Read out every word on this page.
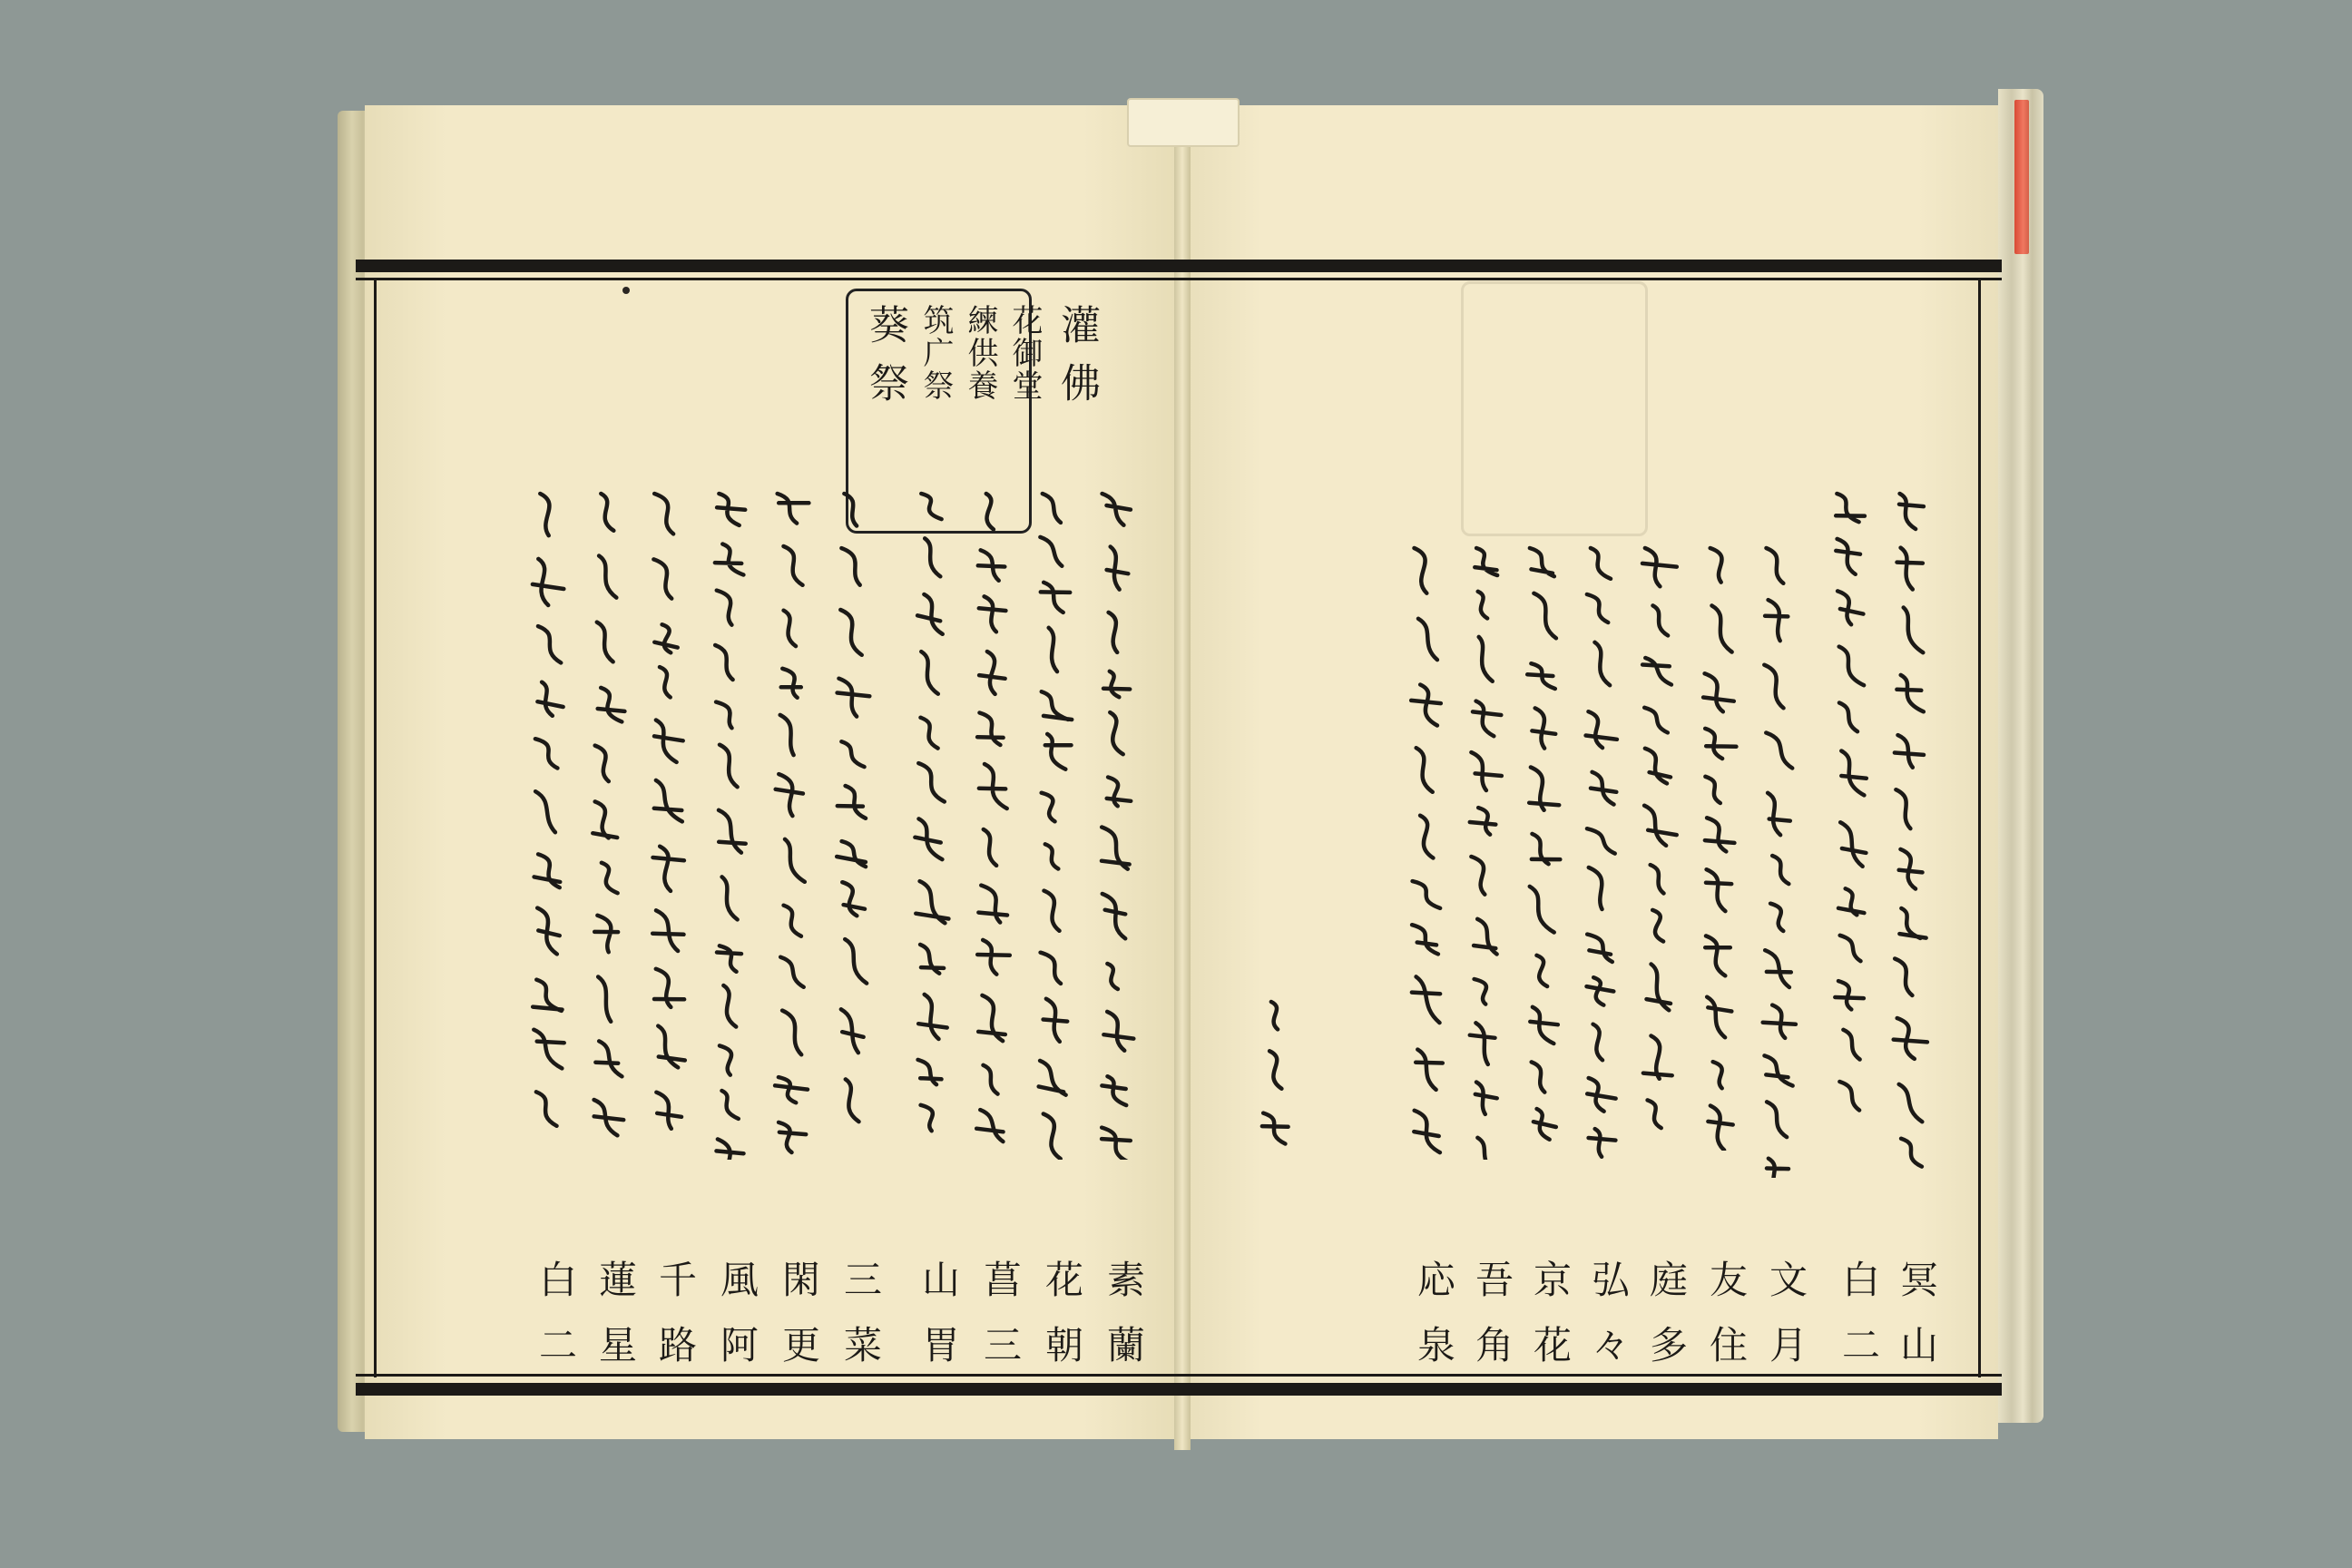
灌佛
花御堂
練供養
筑广祭
葵祭
冥山
白二
文月
友住
庭多
弘々
京花
吾角
応泉
素蘭
花朝
菖三
山胃
三菜
閑更
風阿
千路
蓮星
白二
